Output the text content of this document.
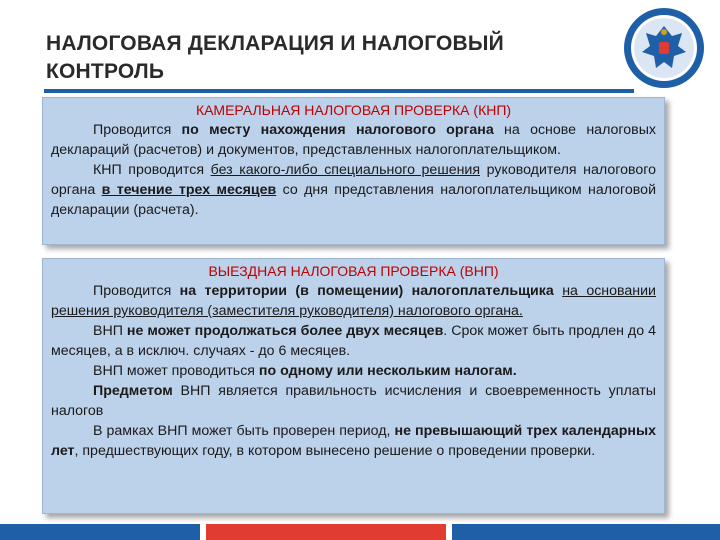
НАЛОГОВАЯ ДЕКЛАРАЦИЯ И НАЛОГОВЫЙ
КОНТРОЛЬ
КАМЕРАЛЬНАЯ НАЛОГОВАЯ ПРОВЕРКА (КНП)

Проводится по месту нахождения налогового органа на основе налоговых деклараций (расчетов) и документов, представленных налогоплательщиком.

КНП проводится без какого-либо специального решения руководителя налогового органа в течение трех месяцев со дня представления налогоплательщиком налоговой декларации (расчета).

ВЫЕЗДНАЯ НАЛОГОВАЯ ПРОВЕРКА (ВНП)

Проводится на территории (в помещении) налогоплательщика на основании решения руководителя (заместителя руководителя) налогового органа.

ВНП не может продолжаться более двух месяцев. Срок может быть продлен до 4 месяцев, а в исключ. случаях - до 6 месяцев.

ВНП может проводиться по одному или нескольким налогам.

Предметом ВНП является правильность исчисления и своевременность уплаты налогов

В рамках ВНП может быть проверен период, не превышающий трех календарных лет, предшествующих году, в котором вынесено решение о проведении проверки.
